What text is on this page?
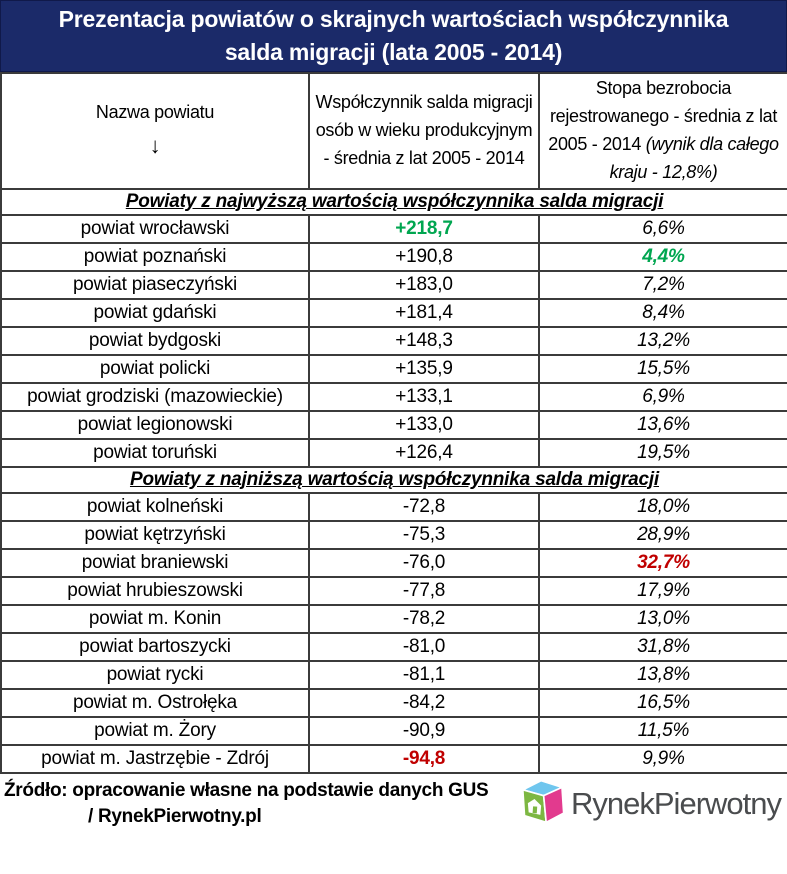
Prezentacja powiatów o skrajnych wartościach współczynnika
salda migracji (lata 2005 - 2014)
Nazwa powiatu
↓	Współczynnik salda migracji osób w wieku produkcyjnym - średnia z lat 2005 - 2014	Stopa bezrobocia rejestrowanego - średnia z lat 2005 - 2014 (wynik dla całego kraju - 12,8%)
Powiaty z najwyższą wartością współczynnika salda migracji		
powiat wrocławski	+218,7	6,6%
powiat poznański	+190,8	4,4%
powiat piaseczyński	+183,0	7,2%
powiat gdański	+181,4	8,4%
powiat bydgoski	+148,3	13,2%
powiat policki	+135,9	15,5%
powiat grodziski (mazowieckie)	+133,1	6,9%
powiat legionowski	+133,0	13,6%
powiat toruński	+126,4	19,5%
Powiaty z najniższą wartością współczynnika salda migracji		
powiat kolneński	-72,8	18,0%
powiat kętrzyński	-75,3	28,9%
powiat braniewski	-76,0	32,7%
powiat hrubieszowski	-77,8	17,9%
powiat m. Konin	-78,2	13,0%
powiat bartoszycki	-81,0	31,8%
powiat rycki	-81,1	13,8%
powiat m. Ostrołęka	-84,2	16,5%
powiat m. Żory	-90,9	11,5%
powiat m. Jastrzębie - Zdrój	-94,8	9,9%
Źródło: opracowanie własne na podstawie danych GUS
/ RynekPierwotny.pl	RynekPierwotny
